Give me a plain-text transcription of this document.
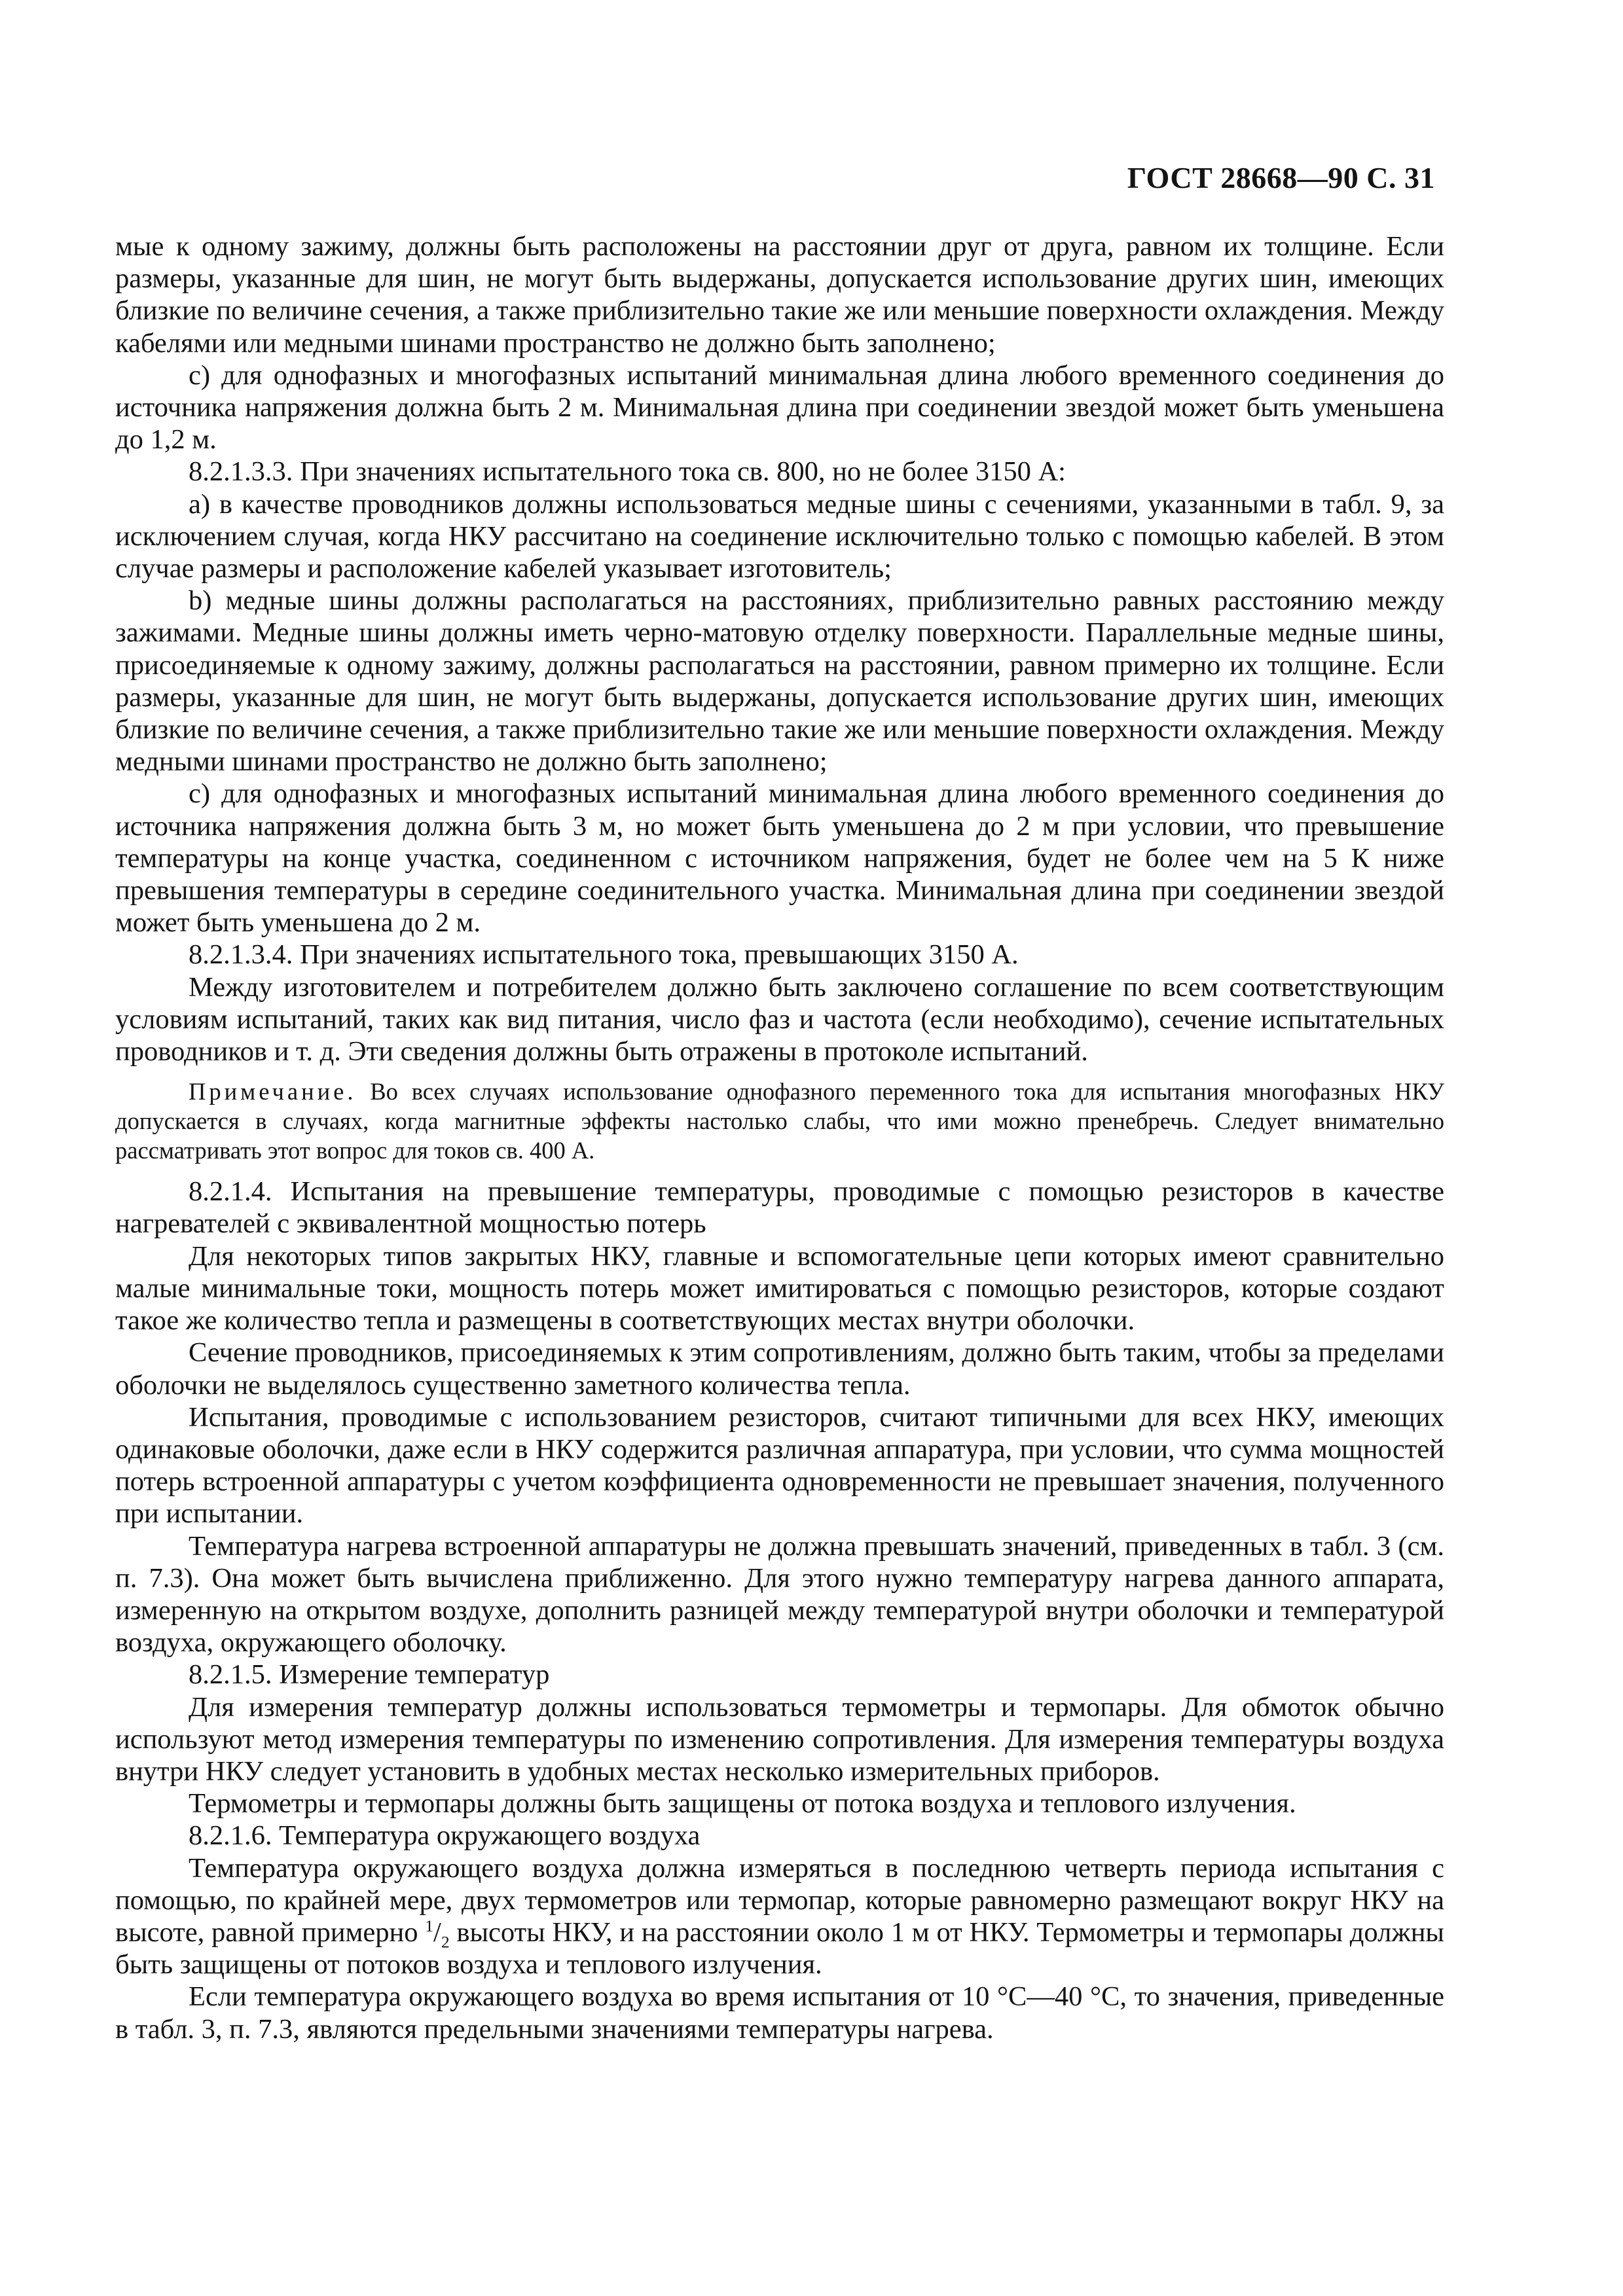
ГОСТ 28668—90 С. 31

мые к одному зажиму, должны быть расположены на расстоянии друг от друга, равном их толщине. Если размеры, указанные для шин, не могут быть выдержаны, допускается использование других шин, имеющих близкие по величине сечения, а также приблизительно такие же или меньшие поверхности охлаждения. Между кабелями или медными шинами пространство не должно быть заполнено;

с) для однофазных и многофазных испытаний минимальная длина любого временного соединения до источника напряжения должна быть 2 м. Минимальная длина при соединении звездой может быть уменьшена до 1,2 м.

8.2.1.3.3. При значениях испытательного тока св. 800, но не более 3150 А:

a) в качестве проводников должны использоваться медные шины с сечениями, указанными в табл. 9, за исключением случая, когда НКУ рассчитано на соединение исключительно только с помощью кабелей. В этом случае размеры и расположение кабелей указывает изготовитель;

b) медные шины должны располагаться на расстояниях, приблизительно равных расстоянию между зажимами. Медные шины должны иметь черно-матовую отделку поверхности. Параллельные медные шины, присоединяемые к одному зажиму, должны располагаться на расстоянии, равном примерно их толщине. Если размеры, указанные для шин, не могут быть выдержаны, допускается использование других шин, имеющих близкие по величине сечения, а также приблизительно такие же или меньшие поверхности охлаждения. Между медными шинами пространство не должно быть заполнено;

с) для однофазных и многофазных испытаний минимальная длина любого временного соединения до источника напряжения должна быть 3 м, но может быть уменьшена до 2 м при условии, что превышение температуры на конце участка, соединенном с источником напряжения, будет не более чем на 5 К ниже превышения температуры в середине соединительного участка. Минимальная длина при соединении звездой может быть уменьшена до 2 м.

8.2.1.3.4. При значениях испытательного тока, превышающих 3150 А.

Между изготовителем и потребителем должно быть заключено соглашение по всем соответствующим условиям испытаний, таких как вид питания, число фаз и частота (если необходимо), сечение испытательных проводников и т. д. Эти сведения должны быть отражены в протоколе испытаний.

Примечание. Во всех случаях использование однофазного переменного тока для испытания многофазных НКУ допускается в случаях, когда магнитные эффекты настолько слабы, что ими можно пренебречь. Следует внимательно рассматривать этот вопрос для токов св. 400 А.

8.2.1.4. Испытания на превышение температуры, проводимые с помощью резисторов в качестве нагревателей с эквивалентной мощностью потерь

Для некоторых типов закрытых НКУ, главные и вспомогательные цепи которых имеют сравнительно малые минимальные токи, мощность потерь может имитироваться с помощью резисторов, которые создают такое же количество тепла и размещены в соответствующих местах внутри оболочки.

Сечение проводников, присоединяемых к этим сопротивлениям, должно быть таким, чтобы за пределами оболочки не выделялось существенно заметного количества тепла.

Испытания, проводимые с использованием резисторов, считают типичными для всех НКУ, имеющих одинаковые оболочки, даже если в НКУ содержится различная аппаратура, при условии, что сумма мощностей потерь встроенной аппаратуры с учетом коэффициента одновременности не превышает значения, полученного при испытании.

Температура нагрева встроенной аппаратуры не должна превышать значений, приведенных в табл. 3 (см. п. 7.3). Она может быть вычислена приближенно. Для этого нужно температуру нагрева данного аппарата, измеренную на открытом воздухе, дополнить разницей между температурой внутри оболочки и температурой воздуха, окружающего оболочку.

8.2.1.5. Измерение температур

Для измерения температур должны использоваться термометры и термопары. Для обмоток обычно используют метод измерения температуры по изменению сопротивления. Для измерения температуры воздуха внутри НКУ следует установить в удобных местах несколько измерительных приборов.

Термометры и термопары должны быть защищены от потока воздуха и теплового излучения.

8.2.1.6. Температура окружающего воздуха

Температура окружающего воздуха должна измеряться в последнюю четверть периода испытания с помощью, по крайней мере, двух термометров или термопар, которые равномерно размещают вокруг НКУ на высоте, равной примерно $^1/_2$ высоты НКУ, и на расстоянии около 1 м от НКУ. Термометры и термопары должны быть защищены от потоков воздуха и теплового излучения.

Если температура окружающего воздуха во время испытания от 10 °С—40 °С, то значения, приведенные в табл. 3, п. 7.3, являются предельными значениями температуры нагрева.
